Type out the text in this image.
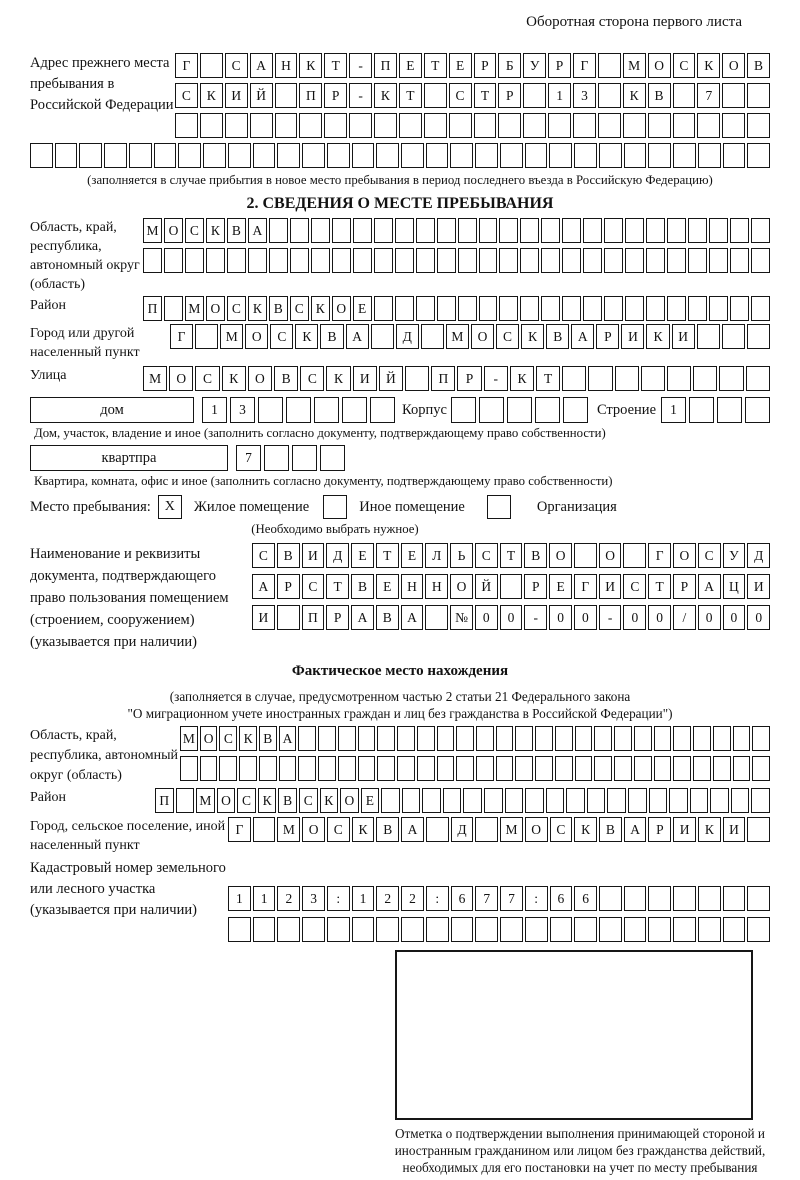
Оборотная сторона первого листа
Адрес прежнего места пребывания в Российской Федерации
Г	С	А	Н	К	Т	-	П	Е	Т	Е	Р	Б	У	Р	Г	М	О	С	К	О	В
С	К	И	Й	П	Р	-	К	Т	С	Т	Р	1	3	К	В	7
(заполняется в случае прибытия в новое место пребывания в период последнего въезда в Российскую Федерацию)
2. СВЕДЕНИЯ О МЕСТЕ ПРЕБЫВАНИЯ
Область, край, республика, автономный округ (область)
М О С К В А
Район	П	М О С К В С К О Е
Город или другой населенный пункт
Г	М	О	С	К	В	А	Д	М	О	С	К	В	А	Р	И	К	И
Улица	М	О	С	К	О	В	С	К	И	Й	П	Р	-	К	Т
дом	1	3	Корпус	Строение	1
Дом, участок, владение и иное (заполнить согласно документу, подтверждающему право собственности)
квартпра	7
Квартира, комната, офис и иное (заполнить согласно документу, подтверждающему право собственности)
Место пребывания: X	Жилое помещение	Иное помещение	Организация
(Необходимо выбрать нужное)
Наименование и реквизиты документа, подтверждающего право пользования помещением (строением, сооружением) (указывается при наличии)
С	В	И	Д	Е	Т	Е	Л	Ь	С	Т	В	О	О	Г	О	С	У	Д
А	Р	С	Т	В	Е	Н	Н	О	Й	Р	Е	Г	И	С	Т	Р	А	Ц	И
И	П	Р	А	В	А	№	0	0	-	0	0	-	0	0	/	0	0	0
Фактическое место нахождения
(заполняется в случае, предусмотренном частью 2 статьи 21 Федерального закона
"О миграционном учете иностранных граждан и лиц без гражданства в Российской Федерации")
Область, край, республика, автономный округ (область)
М О С К В А
Район	П	М О С К В С К О Е
Город, сельское поселение, иной населенный пункт
Г	М	О	С	К	В	А	Д	М	О	С	К	В	А	Р	И	К	И
Кадастровый номер земельного или лесного участка (указывается при наличии)
1	1	2	3	:	1	2	2	:	6	7	7	:	6	6
Отметка о подтверждении выполнения принимающей стороной и иностранным гражданином или лицом без гражданства действий, необходимых для его постановки на учет по месту пребывания
